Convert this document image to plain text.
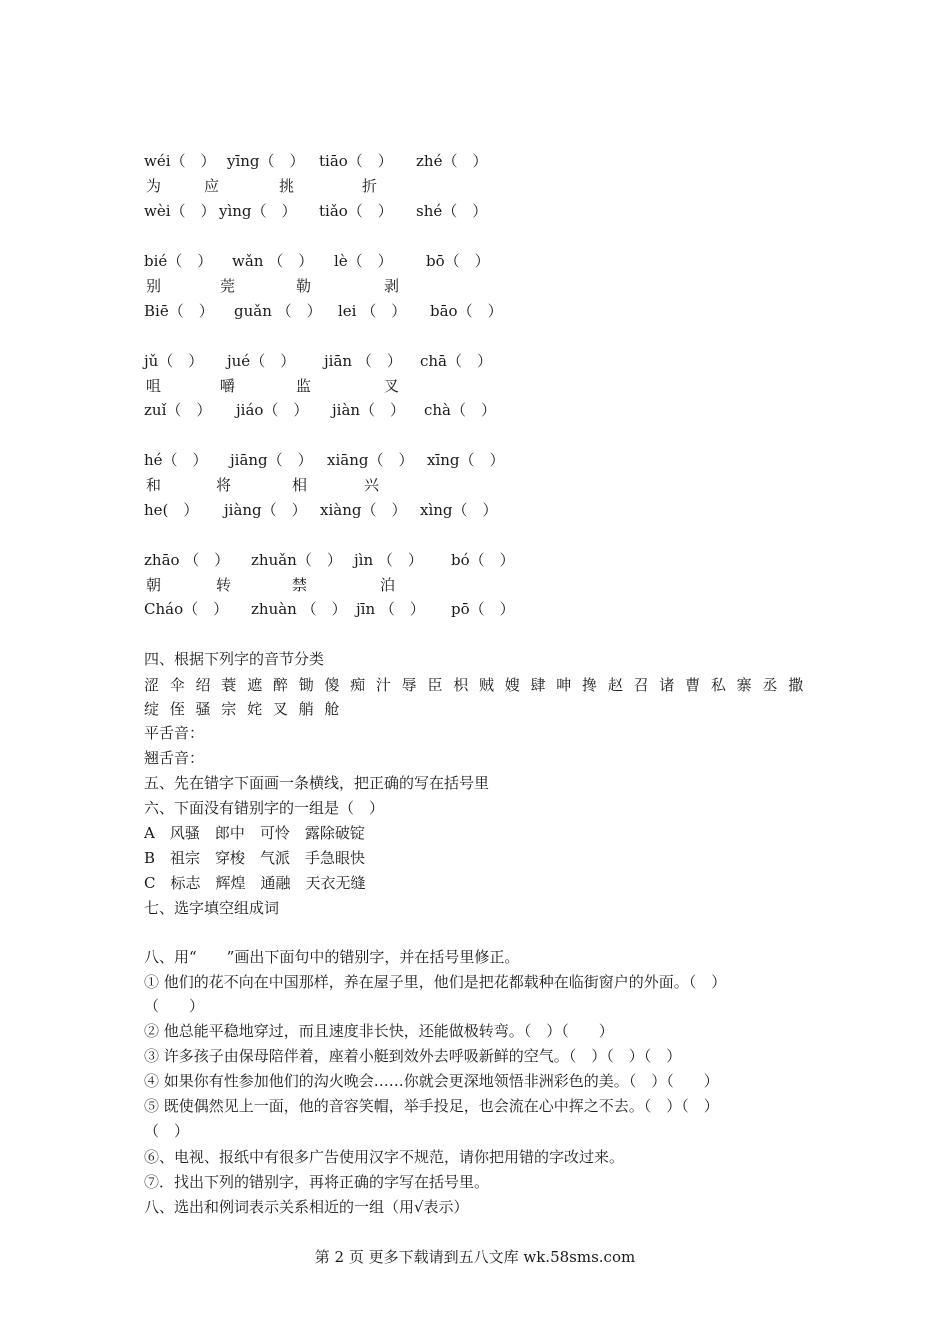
wéi（　） yīng（　） tiāo（　） zhé（　）
为	应	挑	折
wèi（　） yìng（　） tiǎo（　） shé（　）
bié（　） wǎn （　） lè（　） bō（　）
别	莞	勒	剥
Biē（　） guǎn （　） lei （　） bāo（　）
jǔ（　） jué（　） jiān （　） chā（　）
咀	嚼	监	叉
zuǐ（　） jiáo（　） jiàn（　） chà（　）
hé（　） jiāng（　） xiāng（　） xīng（　）
和	将	相	兴
he(　） jiàng（　） xiàng（　） xìng（　）
zhāo （　） zhuǎn（　） jìn （　） bó（　）
朝	转	禁	泊
Cháo（　） zhuàn （　） jīn （　） pō（　）
四、根据下列字的音节分类
涩 伞 绍 蓑 遮 醉 锄 傻 痴 汁 辱 臣 枳 贼 嫂 肆 呻 搀 赵 召 诸 曹 私 寨 丞 撒 绽 侄 骚 宗 姹 叉 艄 舱
平舌音：
翘舌音：
五、先在错字下面画一条横线，把正确的写在括号里
六、下面没有错别字的一组是（　）
A　风骚　郎中　可怜　露除破锭
B　祖宗　穿梭　气派　手急眼快
C　标志　辉煌　通融　天衣无缝
七、选字填空组成词
八、用“　　”画出下面句中的错别字，并在括号里修正。
① 他们的花不向在中国那样，养在屋子里，他们是把花都载种在临街窗户的外面。（　）
（　　）
② 他总能平稳地穿过，而且速度非长快，还能做极转弯。（　）（　　）
③ 许多孩子由保母陪伴着，座着小艇到效外去呼吸新鲜的空气。（　）（　）（　）
④ 如果你有性参加他们的沟火晚会……你就会更深地领悟非洲彩色的美。（　）（　　）
⑤ 既使偶然见上一面，他的音容笑帽，举手投足，也会流在心中挥之不去。（　）（　）
（　）
⑥、电视、报纸中有很多广告使用汉字不规范，请你把用错的字改过来。
⑦．找出下列的错别字，再将正确的字写在括号里。
八、选出和例词表示关系相近的一组（用√表示）
第 2 页 更多下载请到五八文库 wk.58sms.com
